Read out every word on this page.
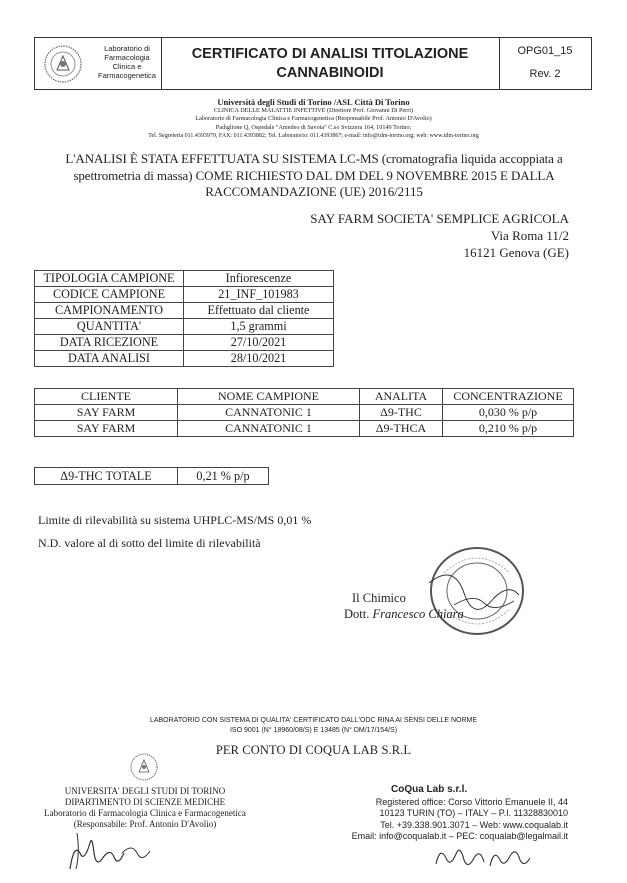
Laboratorio di
Farmacologia
Clinica e
Farmacogenetica
CERTIFICATO DI ANALISI TITOLAZIONE
CANNABINOIDI
OPG01_15
Rev. 2
Università degli Studi di Torino /ASL Città Di Torino
CLINICA DELLE MALATTIE INFETTIVE (Direttore Prof. Giovanni Di Perri)
Laboratorio di Farmacologia Clinica e Farmacogenetica (Responsabile Prof. Antonio D'Avolio)
Padiglione Q, Ospedale "Amedeo di Savoia" C.so Svizzera 164, 10149 Torino;
Tel. Segreteria 011.4393979, FAX: 011.4393882; Tel. Laboratorio: 011.4393867; e-mail: info@tdm-torino.org; web: www.tdm-torino.org
L'ANALISI È STATA EFFETTUATA SU SISTEMA LC-MS (cromatografia liquida accoppiata a spettrometria di massa) COME RICHIESTO DAL DM DEL 9 NOVEMBRE 2015 E DALLA RACCOMANDAZIONE (UE) 2016/2115
SAY FARM SOCIETA' SEMPLICE AGRICOLA
Via Roma 11/2
16121 Genova (GE)
TIPOLOGIA CAMPIONE	Infiorescenze
CODICE CAMPIONE	21_INF_101983
CAMPIONAMENTO	Effettuato dal cliente
QUANTITA'	1,5 grammi
DATA RICEZIONE	27/10/2021
DATA ANALISI	28/10/2021
CLIENTE	NOME CAMPIONE	ANALITA	CONCENTRAZIONE
SAY FARM	CANNATONIC 1	Δ9-THC	0,030 % p/p
SAY FARM	CANNATONIC 1	Δ9-THCA	0,210 % p/p
Δ9-THC TOTALE	0,21 % p/p
Limite di rilevabilità su sistema UHPLC-MS/MS 0,01 %
N.D. valore al di sotto del limite di rilevabilità
Il Chimico
Dott. Francesco Chiara
LABORATORIO CON SISTEMA DI QUALITA' CERTIFICATO DALL'ODC RINA AI SENSI DELLE NORME
ISO 9001 (N° 18960/08/S) E 13485 (N° DM/17/154/S)
PER CONTO DI COQUA LAB S.R.L
UNIVERSITA' DEGLI STUDI DI TORINO
DIPARTIMENTO DI SCIENZE MEDICHE
Laboratorio di Farmacologia Clinica e Farmacogenetica
(Responsabile: Prof. Antonio D'Avolio)
CoQua Lab s.r.l.
Registered office: Corso Vittorio Emanuele II, 44
10123 TURIN (TO) – ITALY – P.I. 11328830010
Tel. +39.338.901.3071 – Web: www.coqualab.it
Email: info@coqualab.it – PEC: coqualab@legalmail.it
